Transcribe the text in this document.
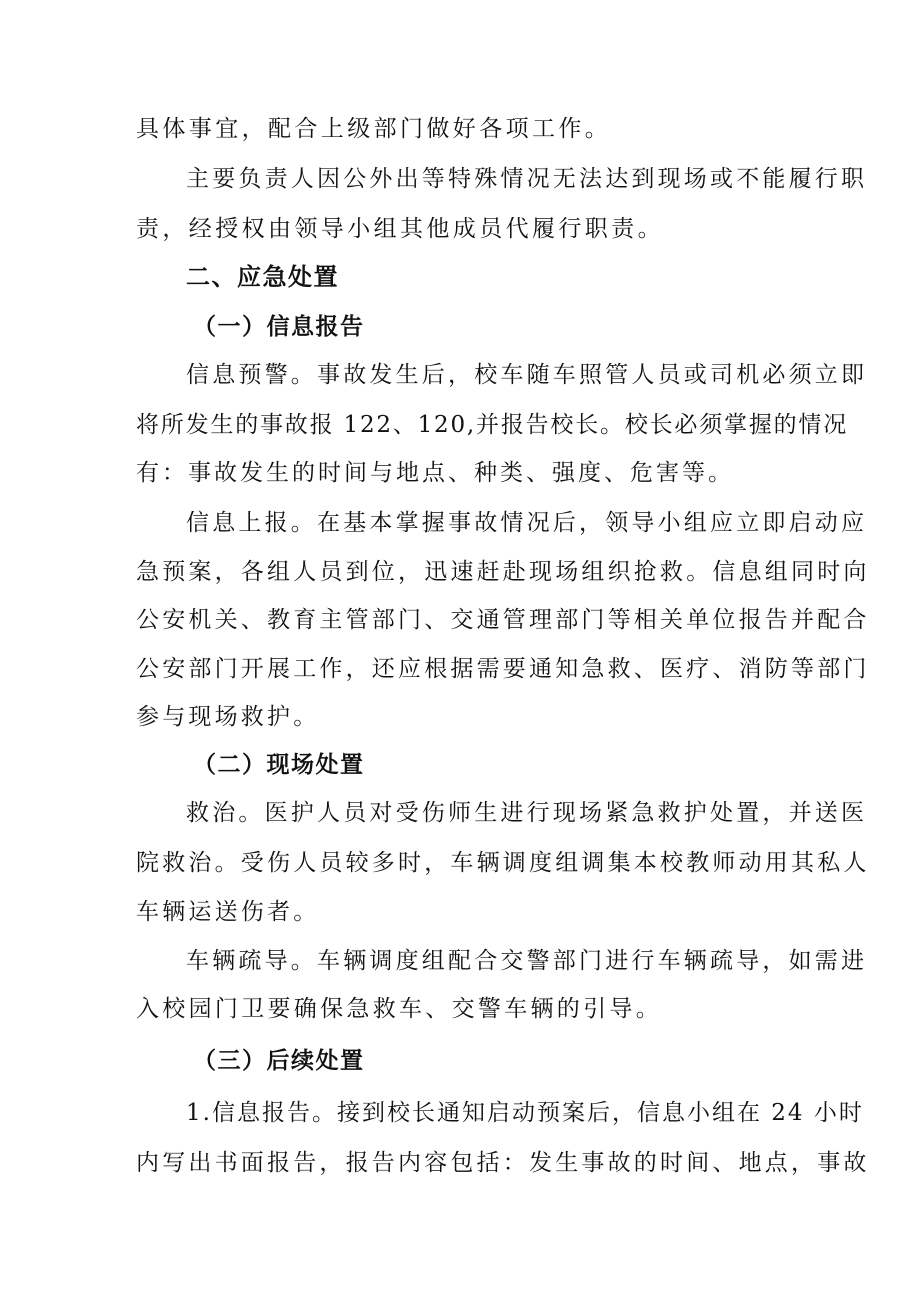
具体事宜，配合上级部门做好各项工作。
主要负责人因公外出等特殊情况无法达到现场或不能履行职
责，经授权由领导小组其他成员代履行职责。
二、应急处置
（一）信息报告
信息预警。事故发生后，校车随车照管人员或司机必须立即
将所发生的事故报 122、120,并报告校长。校长必须掌握的情况
有：事故发生的时间与地点、种类、强度、危害等。
信息上报。在基本掌握事故情况后，领导小组应立即启动应
急预案，各组人员到位，迅速赶赴现场组织抢救。信息组同时向
公安机关、教育主管部门、交通管理部门等相关单位报告并配合
公安部门开展工作，还应根据需要通知急救、医疗、消防等部门
参与现场救护。
（二）现场处置
救治。医护人员对受伤师生进行现场紧急救护处置，并送医
院救治。受伤人员较多时，车辆调度组调集本校教师动用其私人
车辆运送伤者。
车辆疏导。车辆调度组配合交警部门进行车辆疏导，如需进
入校园门卫要确保急救车、交警车辆的引导。
（三）后续处置
1.信息报告。接到校长通知启动预案后，信息小组在 24 小时
内写出书面报告，报告内容包括：发生事故的时间、地点，事故
